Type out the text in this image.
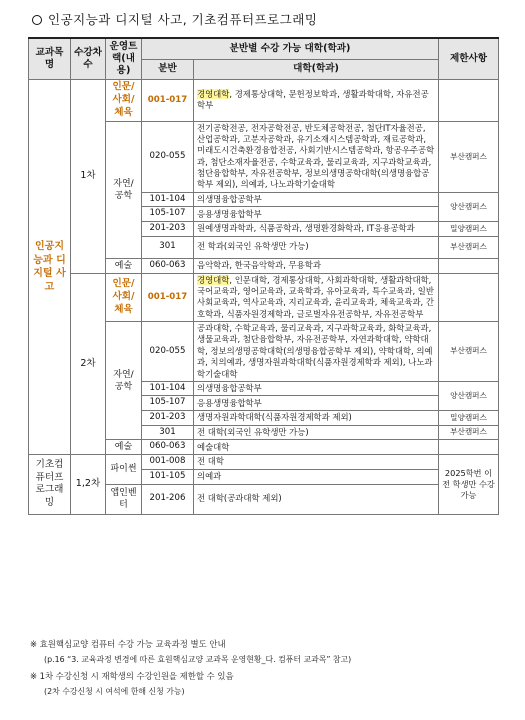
인공지능과 디지털 사고, 기초컴퓨터프로그래밍
교과목명	수강차수	운영트랙(내용)	분반별 수강 가능 대학(학과)		제한사항
			분반	대학(학과)	
인공지능과 디지털 사고	1차	인문/사회/체육	001-017	경영대학, 경제통상대학, 문헌정보학과, 생활과학대학, 자유전공학부	
		자연/공학	020-055	전기공학전공, 전자공학전공, 반도체공학전공, 첨단IT자율전공, 산업공학과, 고분자공학과, 유기소재시스템공학과, 재료공학과, 미래도시건축환경융합전공, 사회기반시스템공학과, 항공우주공학과, 첨단소재자율전공, 수학교육과, 물리교육과, 지구과학교육과, 첨단융합학부, 자유전공학부, 정보의생명공학대학(의생명융합공학부 제외), 의예과, 나노과학기술대학	부산캠퍼스
			101-104	의생명융합공학부	양산캠퍼스
			105-107	응용생명융합학부	
			201-203	원예생명과학과, 식품공학과, 생명환경화학과, IT응용공학과	밀양캠퍼스
			301	전 학과(외국인 유학생만 가능)	부산캠퍼스
		예술	060-063	음악학과, 한국음악학과, 무용학과	
	2차	인문/사회/체육	001-017	경영대학, 인문대학, 경제통상대학, 사회과학대학, 생활과학대학, 국어교육과, 영어교육과, 교육학과, 유아교육과, 특수교육과, 일반사회교육과, 역사교육과, 지리교육과, 윤리교육과, 체육교육과, 간호학과, 식품자원경제학과, 글로벌자유전공학부, 자유전공학부	
		자연/공학	020-055	공과대학, 수학교육과, 물리교육과, 지구과학교육과, 화학교육과, 생물교육과, 첨단융합학부, 자유전공학부, 자연과학대학, 약학대학, 정보의생명공학대학(의생명융합공학부 제외), 약학대학, 의예과, 치의예과, 생명자원과학대학(식품자원경제학과 제외), 나노과학기술대학	부산캠퍼스
			101-104	의생명융합공학부	양산캠퍼스
			105-107	응용생명융합학부	
			201-203	생명자원과학대학(식품자원경제학과 제외)	밀양캠퍼스
			301	전 대학(외국인 유학생만 가능)	부산캠퍼스
		예술	060-063	예술대학	
기초컴퓨터프로그래밍	1,2차	파이썬	001-008	전 대학	2025학번 이전 학생만 수강 가능
			101-105	의예과	
		앱인벤터	201-206	전 대학(공과대학 제외)	
※ 효원핵심교양 컴퓨터 수강 가능 교육과정 별도 안내
(p.16 “3. 교육과정 변경에 따른 효원핵심교양 교과목 운영현황_다. 컴퓨터 교과목” 참고)
※ 1차 수강신청 시 재학생의 수강인원을 제한할 수 있음
(2차 수강신청 시 여석에 한해 신청 가능)
